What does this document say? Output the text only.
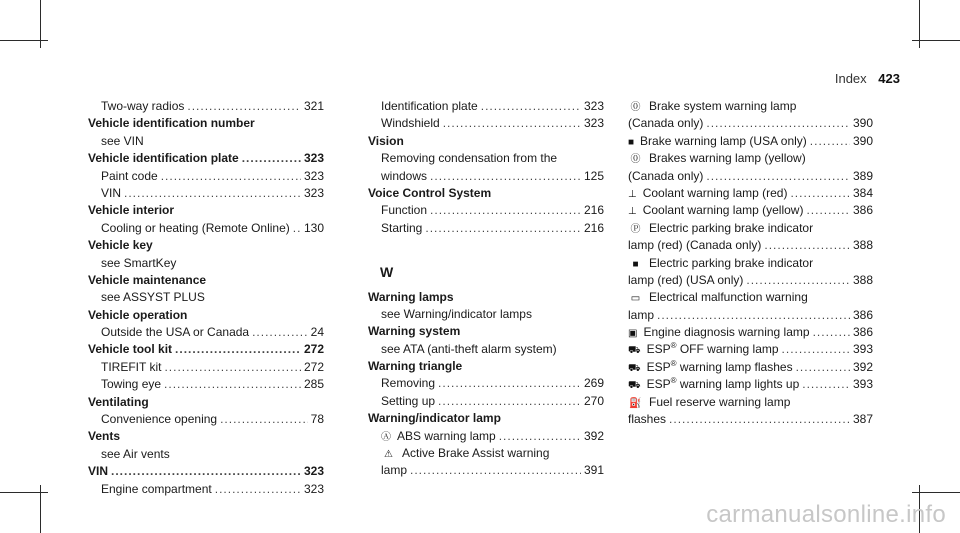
Index 423
Two-way radios .....	321
Vehicle identification number
see VIN
Vehicle identification plate .....	323
Paint code .....	323
VIN .....	323
Vehicle interior
Cooling or heating (Remote Online) ..... 130
Vehicle key
see SmartKey
Vehicle maintenance
see ASSYST PLUS
Vehicle operation
Outside the USA or Canada .....	24
Vehicle tool kit .....	272
TIREFIT kit .....	272
Towing eye .....	285
Ventilating
Convenience opening .....	78
Vents
see Air vents
VIN .....	323
Engine compartment .....	323
Identification plate .....	323
Windshield .....	323
Vision
Removing condensation from the
windows .....	125
Voice Control System
Function .....	216
Starting .....	216
W
Warning lamps
see Warning/indicator lamps
Warning system
see ATA (anti-theft alarm system)
Warning triangle
Removing .....	269
Setting up .....	270
Warning/indicator lamp
Ⓐ ABS warning lamp .....	392
⚠ Active Brake Assist warning
lamp .....	391
⓪ Brake system warning lamp
(Canada only) .....	390
■ Brake warning lamp (USA only) .....	390
⓪ Brakes warning lamp (yellow)
(Canada only) .....	389
⊥ Coolant warning lamp (red) .....	384
⊥ Coolant warning lamp (yellow) .....	386
Ⓟ Electric parking brake indicator
lamp (red) (Canada only) .....	388
■ Electric parking brake indicator
lamp (red) (USA only) .....	388
▭ Electrical malfunction warning
lamp .....	386
▣ Engine diagnosis warning lamp .....	386
⛟ ESP® OFF warning lamp .....	393
⛟ ESP® warning lamp flashes .....	392
⛟ ESP® warning lamp lights up .....	393
⛽ Fuel reserve warning lamp
flashes .....	387
carmanualsonline.info
